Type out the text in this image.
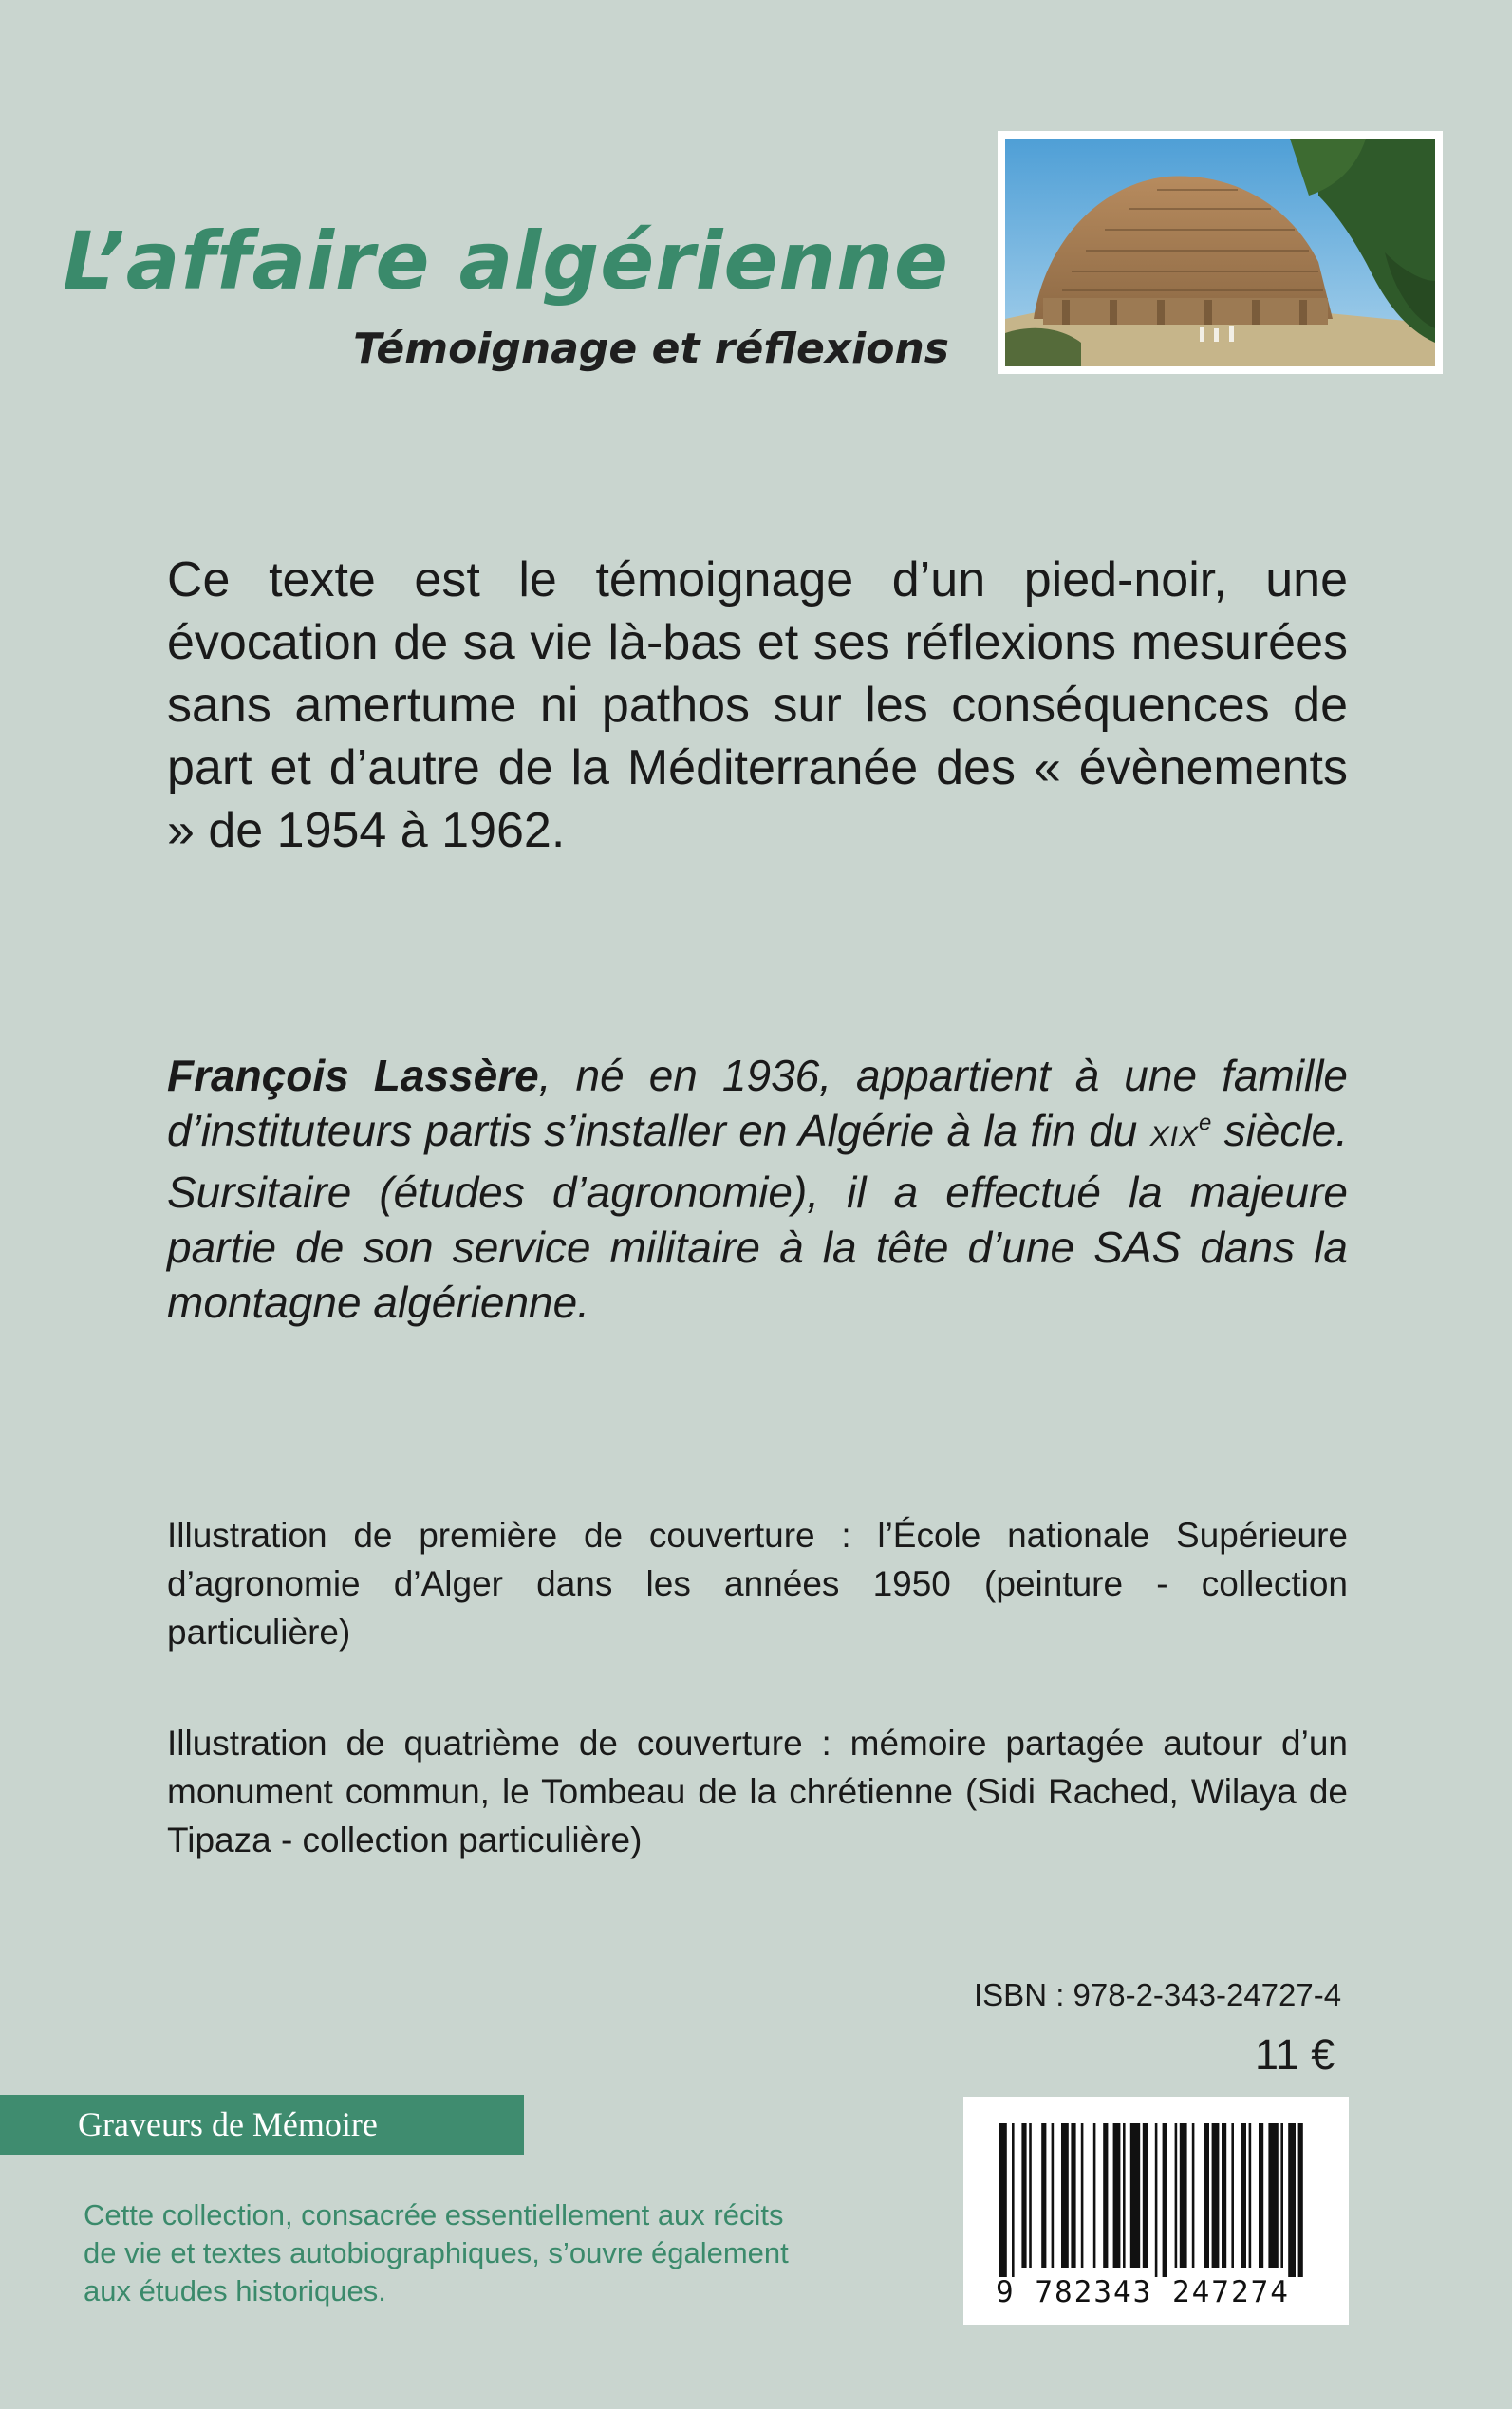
L’affaire algérienne
Témoignage et réflexions

Ce texte est le témoignage d’un pied-noir, une évocation de sa vie là-bas et ses réflexions mesurées sans amertume ni pathos sur les conséquences de part et d’autre de la Méditerranée des « évènements » de 1954 à 1962.

François Lassère, né en 1936, appartient à une famille d’instituteurs partis s’installer en Algérie à la fin du XIXe siècle. Sursitaire (études d’agronomie), il a effectué la majeure partie de son service militaire à la tête d’une SAS dans la montagne algérienne.

Illustration de première de couverture : l’École nationale Supérieure d’agronomie d’Alger dans les années 1950 (peinture - collection particulière)

Illustration de quatrième de couverture : mémoire partagée autour d’un monument commun, le Tombeau de la chrétienne (Sidi Rached, Wilaya de Tipaza - collection particulière)

ISBN : 978-2-343-24727-4
11 €
Graveurs de Mémoire

Cette collection, consacrée essentiellement aux récits de vie et textes autobiographiques, s’ouvre également aux études historiques.	9 782343 247274
